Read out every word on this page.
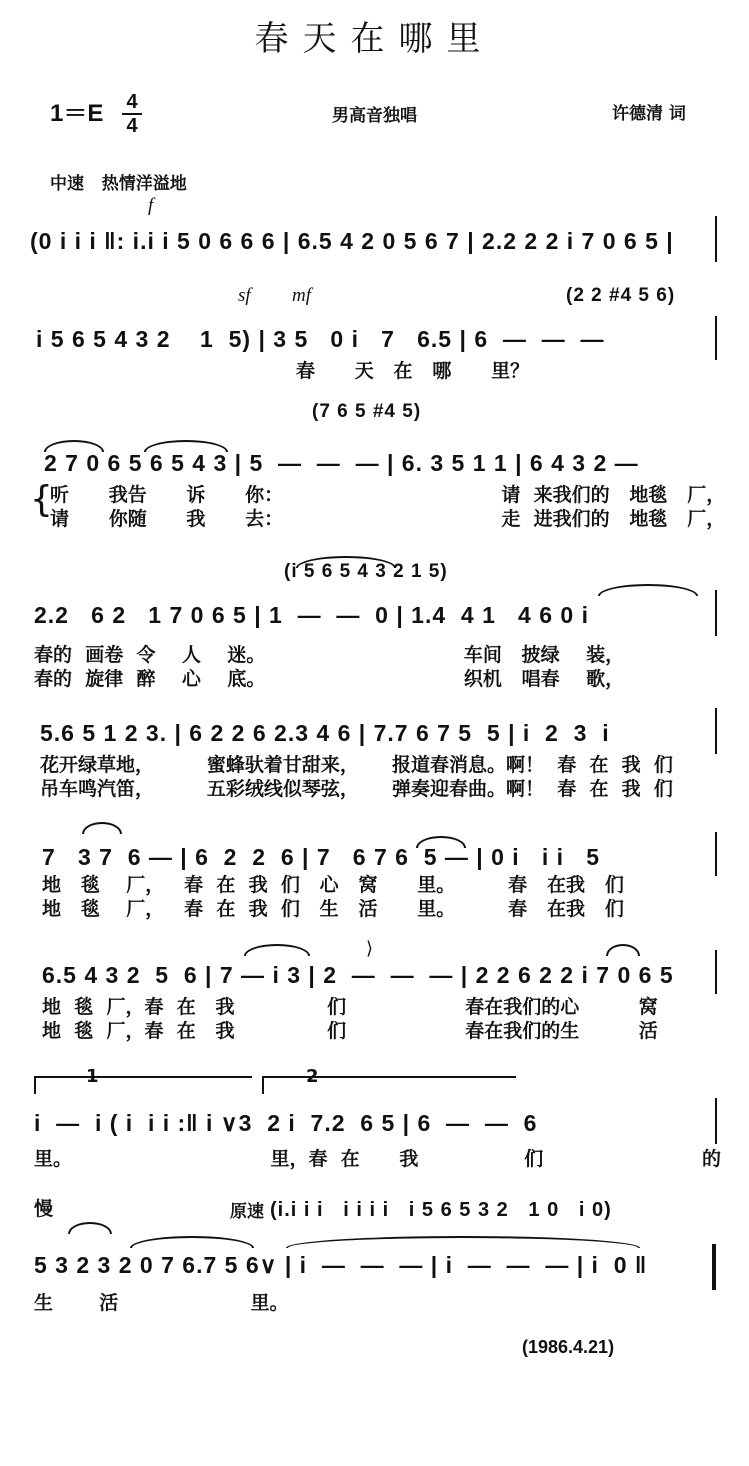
春天在哪里
1＝E	4
4	男高音独唱	许德清 词
中速   热情洋溢地
f
(0 i i i ‖: i.i i 5 0 6 6 6 | 6.5 4 2 0 5 6 7 | 2.2 2 2 i 7 0 6 5 |
sf mf	(2 2 #4 5 6)
i 5 6 5 4 3 2    1  5) | 3 5   0 i   7   6.5 | 6  —  —  —
春      天   在   哪      里？
(7 6 5 #4 5)
2 7 0 6 5 6 5 4 3 | 5  —  —  — | 6. 3 5 1 1 | 6 4 3 2 —
听      我告      诉      你：                                 请  来我们的   地毯   厂，
请      你随      我      去：                                 走  进我们的   地毯   厂，
{
(i 5 6 5 4 3 2 1 5)
2.2   6 2   1 7 0 6 5 | 1  —  —  0 | 1.4  4 1   4 6 0 i
春的  画卷  令    人    迷。                              车间   披绿    装，
春的  旋律  醉    心    底。                              织机   唱春    歌，
5.6 5 1 2 3. | 6 2 2 6 2.3 4 6 | 7.7 6 7 5  5 | i  2  3  i
花开绿草地，        蜜蜂驮着甘甜来，     报道春消息。啊！  春  在  我  们
吊车鸣汽笛，        五彩绒线似琴弦，     弹奏迎春曲。啊！  春  在  我  们
7   3 7  6 — | 6  2  2  6 | 7   6 7 6  5 — | 0 i   i i   5
地   毯    厂，   春  在  我  们   心   窝      里。        春   在我   们
地   毯    厂，   春  在  我  们   生   活      里。        春   在我   们
⟩
6.5 4 3 2  5  6 | 7 — i 3 | 2  —  —  — | 2 2 6 2 2 i 7 0 6 5
地  毯  厂，春  在   我              们                  春在我们的心         窝
地  毯  厂，春  在   我              们                  春在我们的生         活
1	2
i  —  i ( i  i i :‖ i ∨3  2 i  7.2  6 5 | 6  —  —  6
里。                              里，春  在      我                们                        的
慢	原速 (i.i i i   i i i i   i 5 6 5 3 2   1 0   i 0)
5 3 2 3 2 0 7 6.7 5 6∨ | i  —  —  — | i  —  —  — | i  0 ‖
生       活                    里。
(1986.4.21)
